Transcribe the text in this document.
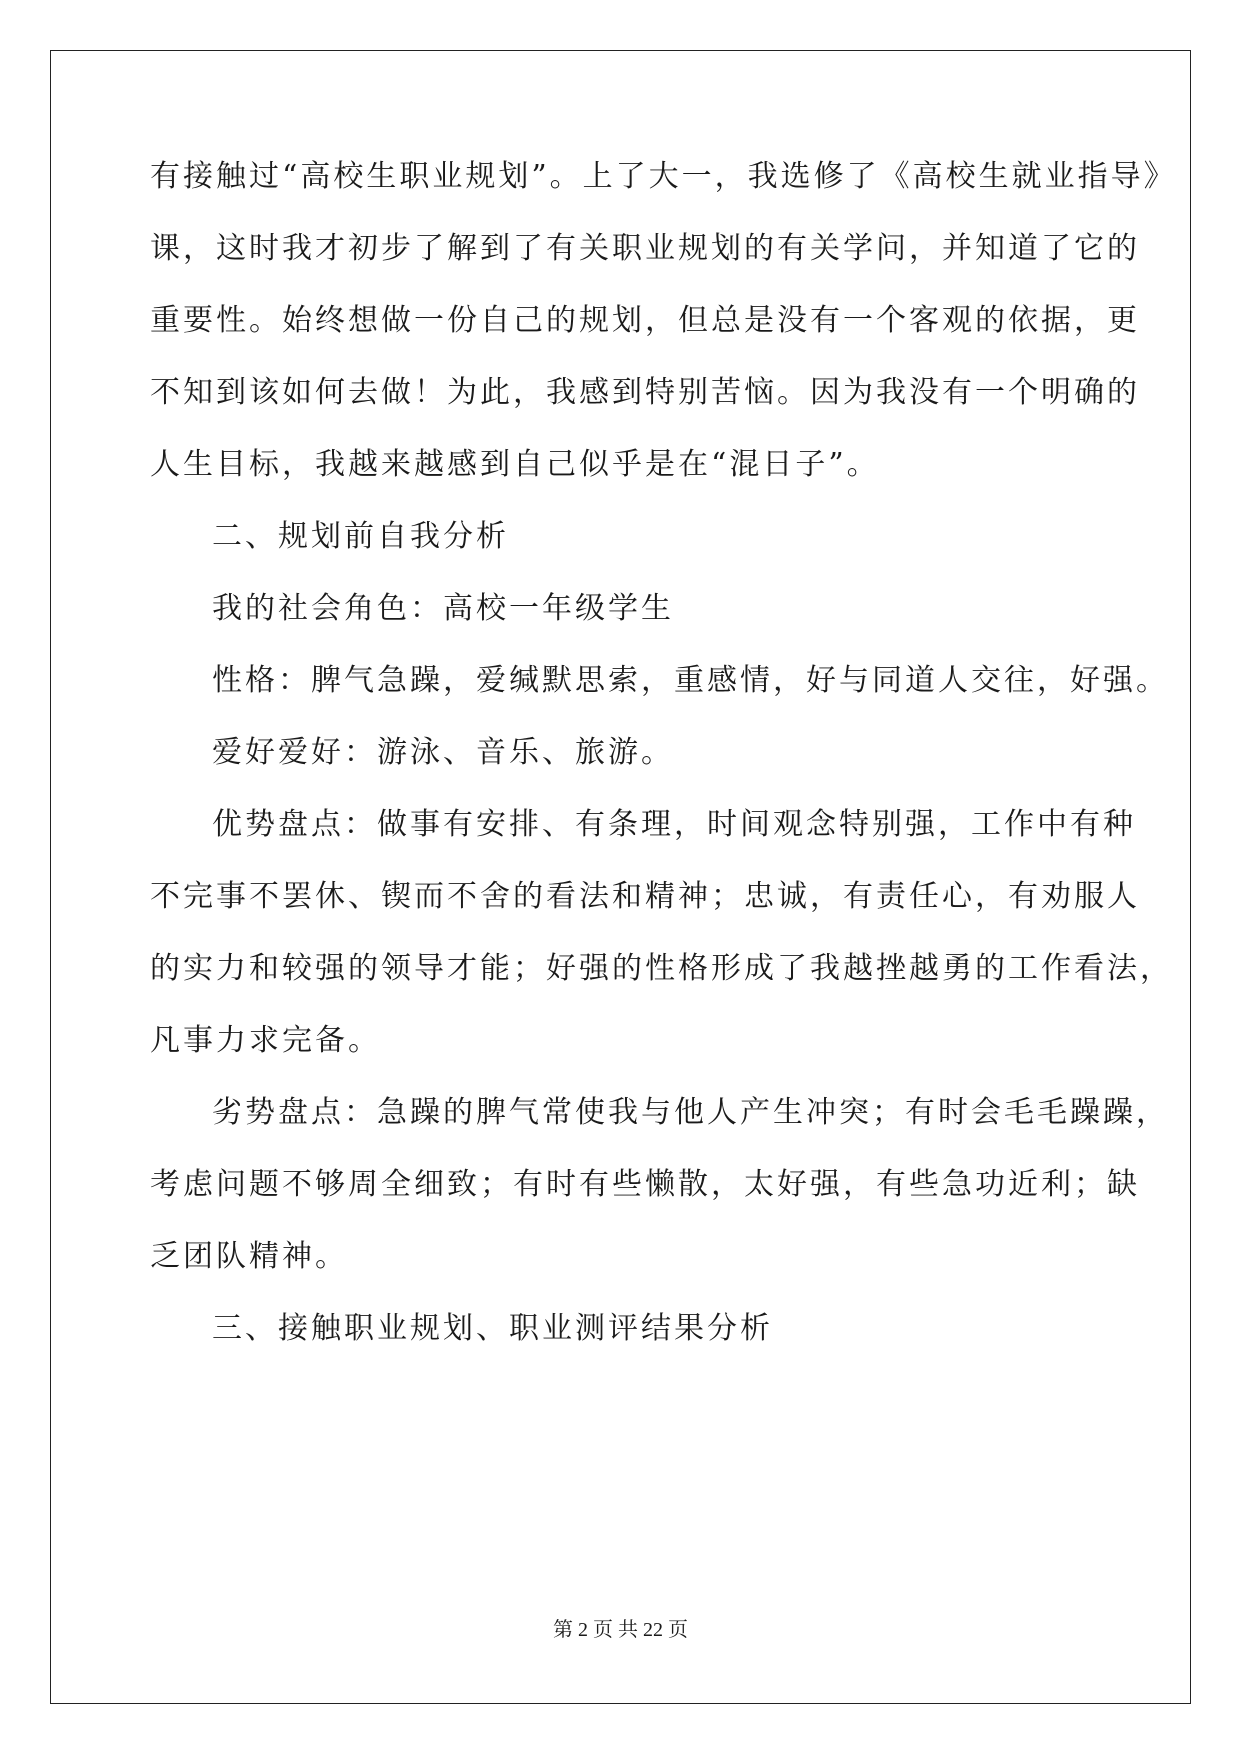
有接触过“高校生职业规划”。上了大一，我选修了《高校生就业指导》
课，这时我才初步了解到了有关职业规划的有关学问，并知道了它的
重要性。始终想做一份自己的规划，但总是没有一个客观的依据，更
不知到该如何去做！为此，我感到特别苦恼。因为我没有一个明确的
人生目标，我越来越感到自己似乎是在“混日子”。
二、规划前自我分析
我的社会角色：高校一年级学生
性格：脾气急躁，爱缄默思索，重感情，好与同道人交往，好强。
爱好爱好：游泳、音乐、旅游。
优势盘点：做事有安排、有条理，时间观念特别强，工作中有种
不完事不罢休、锲而不舍的看法和精神；忠诚，有责任心，有劝服人
的实力和较强的领导才能；好强的性格形成了我越挫越勇的工作看法，
凡事力求完备。
劣势盘点：急躁的脾气常使我与他人产生冲突；有时会毛毛躁躁，
考虑问题不够周全细致；有时有些懒散，太好强，有些急功近利；缺
乏团队精神。
三、接触职业规划、职业测评结果分析
第 2 页 共 22 页
